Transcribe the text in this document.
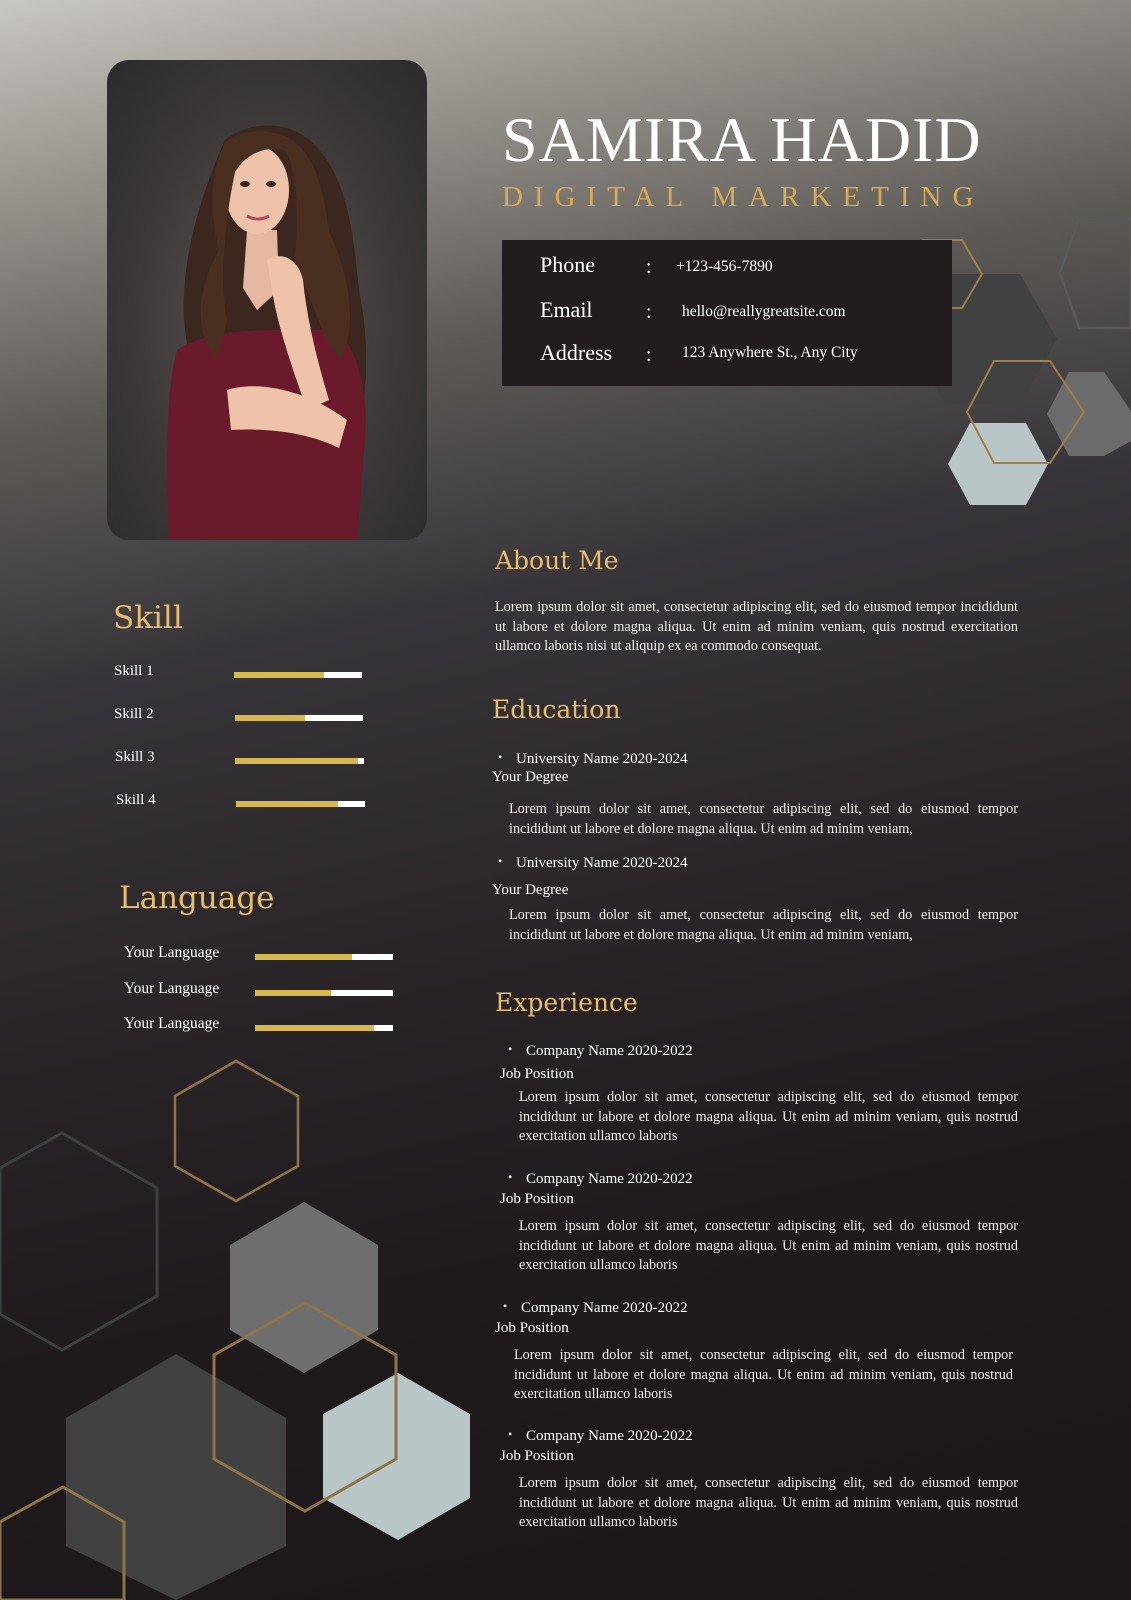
SAMIRA HADID
DIGITAL MARKETING
Phone	: +123-456-7890
Email	: hello@reallygreatsite.com
Address : 123 Anywhere St., Any City
Skill
Skill 1
Skill 2
Skill 3
Skill 4
Language
Your Language
Your Language
Your Language
About Me
Lorem ipsum dolor sit amet, consectetur adipiscing elit, sed do eiusmod tempor incididunt ut labore et dolore magna aliqua. Ut enim ad minim veniam, quis nostrud exercitation ullamco laboris nisi ut aliquip ex ea commodo consequat.
Education
• University Name 2020-2024
Your Degree
Lorem ipsum dolor sit amet, consectetur adipiscing elit, sed do eiusmod tempor incididunt ut labore et dolore magna aliqua. Ut enim ad minim veniam,
• University Name 2020-2024
Your Degree
Lorem ipsum dolor sit amet, consectetur adipiscing elit, sed do eiusmod tempor incididunt ut labore et dolore magna aliqua. Ut enim ad minim veniam,
Experience
• Company Name 2020-2022
Job Position
Lorem ipsum dolor sit amet, consectetur adipiscing elit, sed do eiusmod tempor incididunt ut labore et dolore magna aliqua. Ut enim ad minim veniam, quis nostrud exercitation ullamco laboris
• Company Name 2020-2022
Job Position
Lorem ipsum dolor sit amet, consectetur adipiscing elit, sed do eiusmod tempor incididunt ut labore et dolore magna aliqua. Ut enim ad minim veniam, quis nostrud exercitation ullamco laboris
• Company Name 2020-2022
Job Position
Lorem ipsum dolor sit amet, consectetur adipiscing elit, sed do eiusmod tempor incididunt ut labore et dolore magna aliqua. Ut enim ad minim veniam, quis nostrud exercitation ullamco laboris
• Company Name 2020-2022
Job Position
Lorem ipsum dolor sit amet, consectetur adipiscing elit, sed do eiusmod tempor incididunt ut labore et dolore magna aliqua. Ut enim ad minim veniam, quis nostrud exercitation ullamco laboris
